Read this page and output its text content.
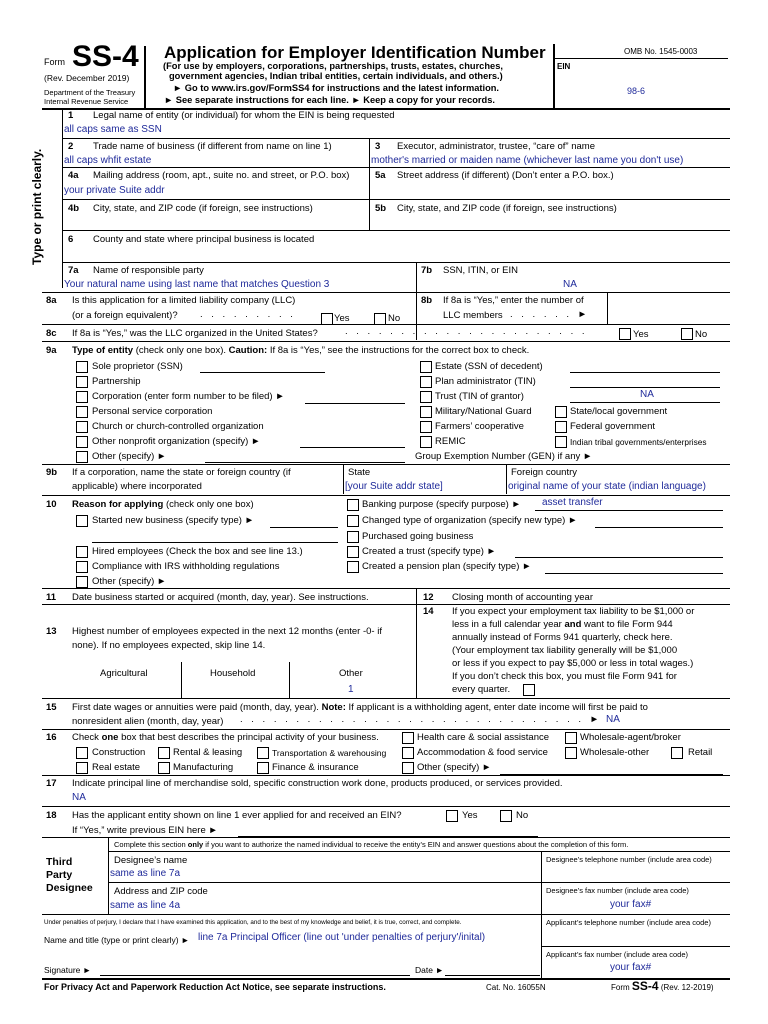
Form SS-4
(Rev. December 2019)
Department of the Treasury
Internal Revenue Service
Application for Employer Identification Number
(For use by employers, corporations, partnerships, trusts, estates, churches,
government agencies, Indian tribal entities, certain individuals, and others.)
► Go to www.irs.gov/FormSS4 for instructions and the latest information.
► See separate instructions for each line. ► Keep a copy for your records.
OMB No. 1545-0003
EIN
98-6
Type or print clearly.
1 Legal name of entity (or individual) for whom the EIN is being requested
all caps same as SSN
2 Trade name of business (if different from name on line 1)
all caps whfit estate
3 Executor, administrator, trustee, “care of” name
mother's married or maiden name (whichever last name you don't use)
4a Mailing address (room, apt., suite no. and street, or P.O. box)
your private Suite addr
5a Street address (if different) (Don’t enter a P.O. box.)
4b City, state, and ZIP code (if foreign, see instructions)	5b City, state, and ZIP code (if foreign, see instructions)
6 County and state where principal business is located
7a Name of responsible party
Your natural name using last name that matches Question 3
7b SSN, ITIN, or EIN
NA
8a Is this application for a limited liability company (LLC)
(or a foreign equivalent)? . . . . . . . . .	Yes	No
8b If 8a is “Yes,” enter the number of
LLC members . . . . . . ►
8c If 8a is “Yes,” was the LLC organized in the United States?	. . . . . . . . . . . . . . . . . . . . . .	Yes	No
9a Type of entity (check only one box). Caution: If 8a is “Yes,” see the instructions for the correct box to check.
Sole proprietor (SSN)
Partnership
Corporation (enter form number to be filed) ►
Personal service corporation
Church or church-controlled organization
Other nonprofit organization (specify) ►
Other (specify) ►
Estate (SSN of decedent)
Plan administrator (TIN)
Trust (TIN of grantor)	NA
Military/National Guard	State/local government
Farmers’ cooperative	Federal government
REMIC	Indian tribal governments/enterprises
Group Exemption Number (GEN) if any ►
9b If a corporation, name the state or foreign country (if
applicable) where incorporated
State
[your Suite addr state]
Foreign country
original name of your state (indian language)
10 Reason for applying (check only one box)
Started new business (specify type) ►
Hired employees (Check the box and see line 13.)
Compliance with IRS withholding regulations
Other (specify) ►
Banking purpose (specify purpose) ► asset transfer
Changed type of organization (specify new type) ►
Purchased going business
Created a trust (specify type) ►
Created a pension plan (specify type) ►
11 Date business started or acquired (month, day, year). See instructions.	12 Closing month of accounting year
14 If you expect your employment tax liability to be $1,000 or
less in a full calendar year and want to file Form 944
annually instead of Forms 941 quarterly, check here.
(Your employment tax liability generally will be $1,000
or less if you expect to pay $5,000 or less in total wages.)
If you don’t check this box, you must file Form 941 for
every quarter.
13 Highest number of employees expected in the next 12 months (enter -0- if
none). If no employees expected, skip line 14.
Agricultural	Household	Other
1
15 First date wages or annuities were paid (month, day, year). Note: If applicant is a withholding agent, enter date income will first be paid to
nonresident alien (month, day, year) . . . . . . . . . . . . . . . . . . . . . . . . . . . . . . . ► NA
16 Check one box that best describes the principal activity of your business.	Health care & social assistance	Wholesale-agent/broker
Construction	Rental & leasing	Transportation & warehousing	Accommodation & food service	Wholesale-other	Retail
Real estate	Manufacturing	Finance & insurance	Other (specify) ►
17 Indicate principal line of merchandise sold, specific construction work done, products produced, or services provided.
NA
18 Has the applicant entity shown on line 1 ever applied for and received an EIN?	Yes	No
If “Yes,” write previous EIN here ►
Complete this section only if you want to authorize the named individual to receive the entity’s EIN and answer questions about the completion of this form.
Third
Party
Designee
Designee’s name
same as line 7a
Designee’s telephone number (include area code)
Address and ZIP code
same as line 4a
Designee’s fax number (include area code)
your fax#
Under penalties of perjury, I declare that I have examined this application, and to the best of my knowledge and belief, it is true, correct, and complete.	Applicant’s telephone number (include area code)
Name and title (type or print clearly) ► line 7a Principal Officer (line out 'under penalties of perjury'/inital)
Applicant’s fax number (include area code)
your fax#
Signature ►	Date ►
For Privacy Act and Paperwork Reduction Act Notice, see separate instructions.	Cat. No. 16055N	Form SS-4 (Rev. 12-2019)
